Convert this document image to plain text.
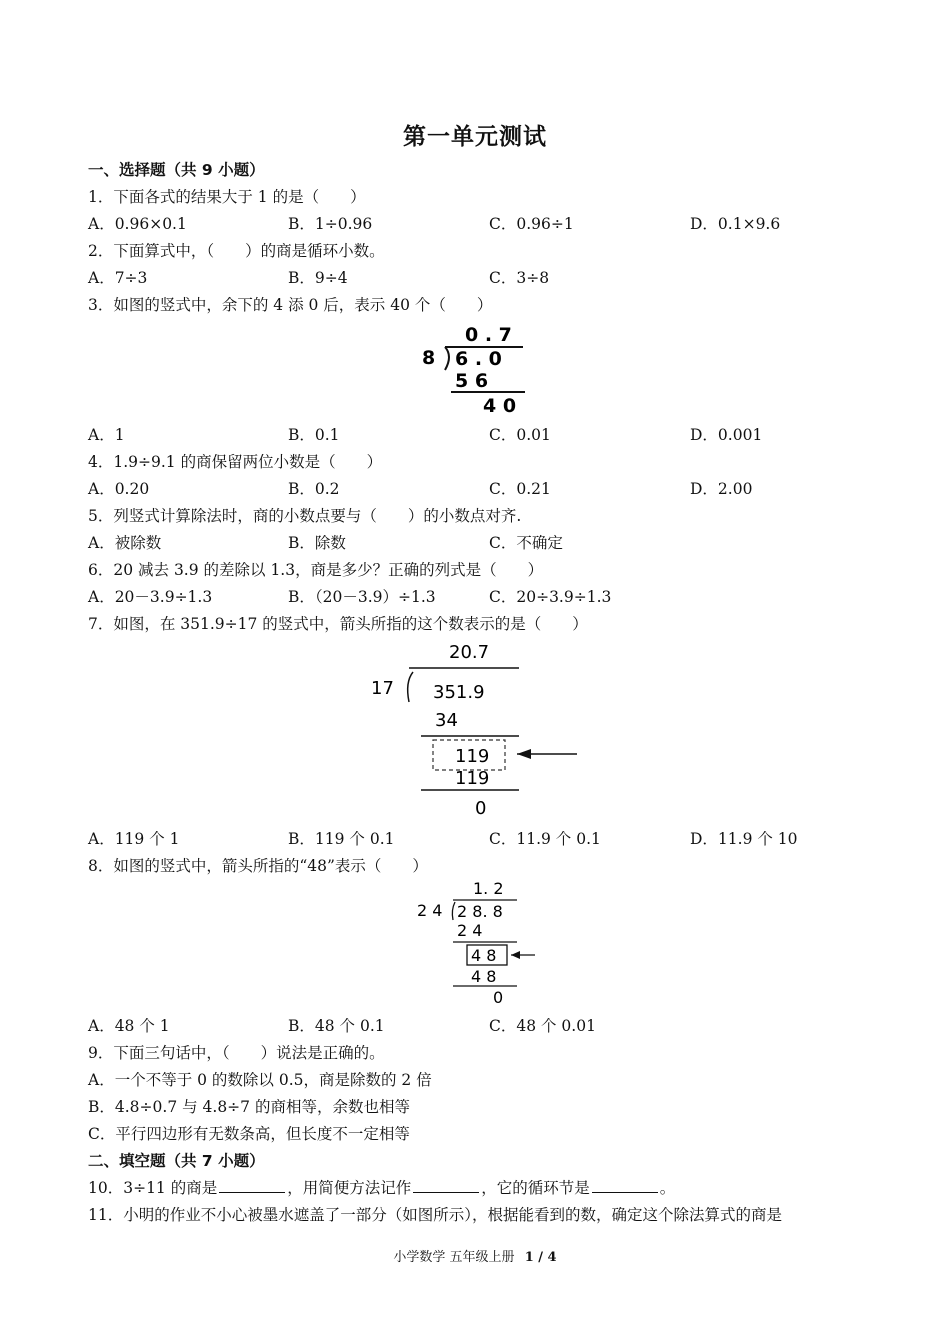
第一单元测试
一、选择题（共 9 小题）
1．下面各式的结果大于 1 的是（　　）
A．0.96×0.1	B．1÷0.96	C．0.96÷1	D．0.1×9.6
2．下面算式中，（　　）的商是循环小数。
A．7÷3	B．9÷4	C．3÷8
3．如图的竖式中，余下的 4 添 0 后，表示 40 个（　　）
0 . 7
8 6 . 0
5 6
4 0
A．1	B．0.1	C．0.01	D．0.001
4．1.9÷9.1 的商保留两位小数是（　　）
A．0.20	B．0.2	C．0.21	D．2.00
5．列竖式计算除法时，商的小数点要与（　　）的小数点对齐.
A．被除数	B．除数	C．不确定
6．20 减去 3.9 的差除以 1.3，商是多少？正确的列式是（　　）
A．20－3.9÷1.3	B．（20－3.9）÷1.3	C．20÷3.9÷1.3
7．如图，在 351.9÷17 的竖式中，箭头所指的这个数表示的是（　　）
20.7
17 351.9
34
119
119
0
A．119 个 1	B．119 个 0.1	C．11.9 个 0.1	D．11.9 个 10
8．如图的竖式中，箭头所指的“48”表示（　　）
1. 2
2 4 2 8. 8
2 4
4 8
4 8
0
A．48 个 1	B．48 个 0.1	C．48 个 0.01
9．下面三句话中，（　　）说法是正确的。
A．一个不等于 0 的数除以 0.5，商是除数的 2 倍
B．4.8÷0.7 与 4.8÷7 的商相等，余数也相等
C．平行四边形有无数条高，但长度不一定相等
二、填空题（共 7 小题）
10．3÷11 的商是	，用简便方法记作	，它的循环节是	。
11．小明的作业不小心被墨水遮盖了一部分（如图所示），根据能看到的数，确定这个除法算式的商是
小学数学 五年级上册 1 / 4
